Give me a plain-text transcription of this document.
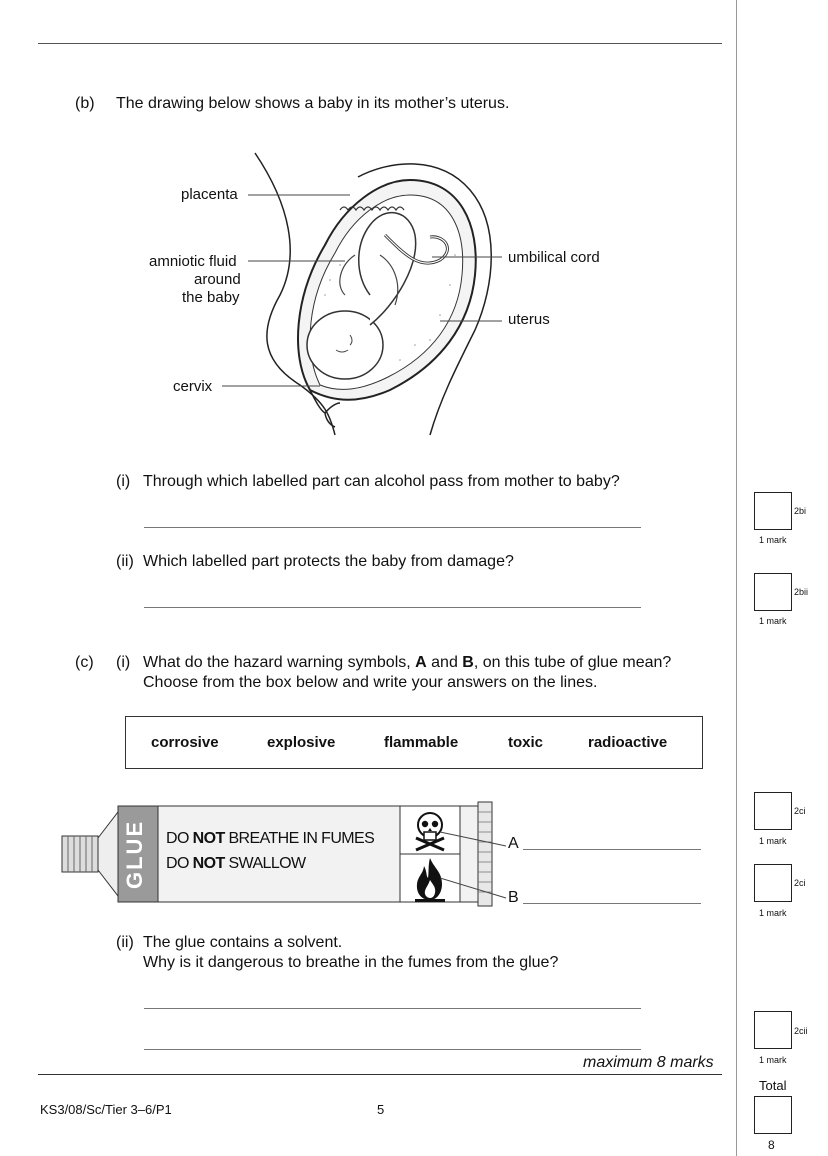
(b) The drawing below shows a baby in its mother’s uterus.
placenta
amniotic fluid
around
the baby
cervix
umbilical cord
uterus
(i) Through which labelled part can alcohol pass from mother to baby?
(ii) Which labelled part protects the baby from damage?
(c) (i) What do the hazard warning symbols, A and B, on this tube of glue mean?
Choose from the box below and write your answers on the lines.
corrosive	explosive	flammable	toxic	radioactive
GLUE	DO NOT BREATHE IN FUMES
DO NOT SWALLOW
A
B
(ii) The glue contains a solvent.
Why is it dangerous to breathe in the fumes from the glue?
maximum 8 marks
KS3/08/Sc/Tier 3–6/P1	5
2bi
1 mark
2bii
1 mark
2ci
1 mark
2ci
1 mark
2cii
1 mark
Total
8
